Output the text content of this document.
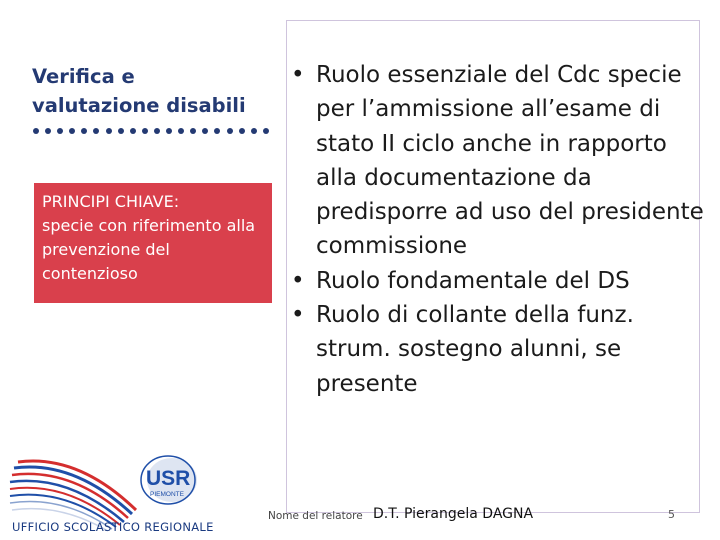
Verifica e
valutazione disabili

PRINCIPI CHIAVE:

specie con riferimento alla prevenzione del contenzioso

• Ruolo essenziale del Cdc specie per l’ammissione all’esame di stato II ciclo anche in rapporto alla documentazione da predisporre ad uso del presidente commissione
• Ruolo fondamentale del DS
• Ruolo di collante della funz. strum. sostegno alunni, se presente
USR
PIEMONTE
UFFICIO SCOLASTICO REGIONALE
Nome del relatore D.T. Pierangela DAGNA	5
